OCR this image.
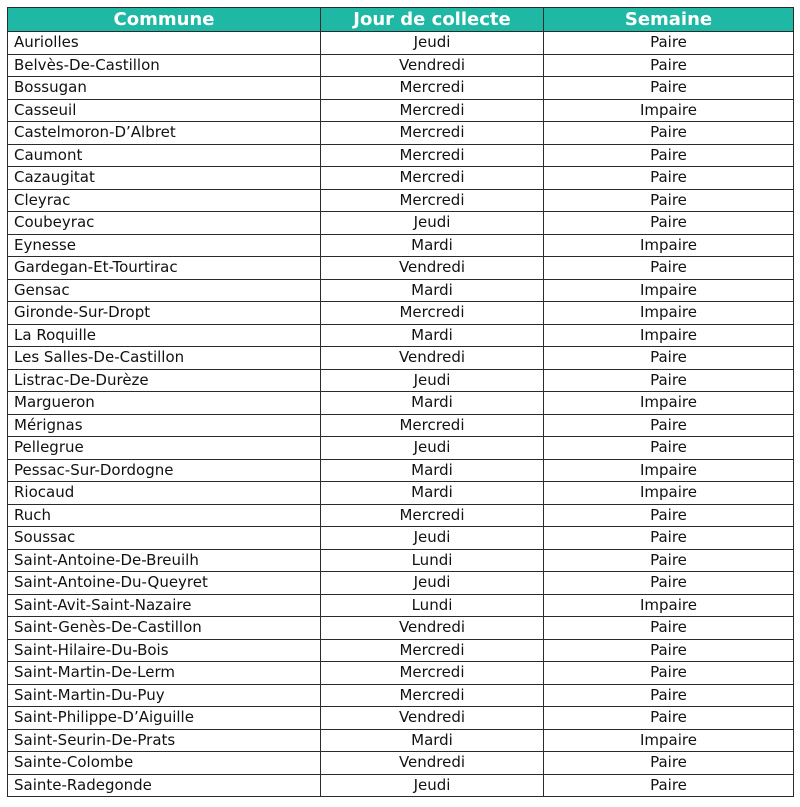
Commune	Jour de collecte	Semaine
Auriolles	Jeudi	Paire
Belvès-De-Castillon	Vendredi	Paire
Bossugan	Mercredi	Paire
Casseuil	Mercredi	Impaire
Castelmoron-D’Albret	Mercredi	Paire
Caumont	Mercredi	Paire
Cazaugitat	Mercredi	Paire
Cleyrac	Mercredi	Paire
Coubeyrac	Jeudi	Paire
Eynesse	Mardi	Impaire
Gardegan-Et-Tourtirac	Vendredi	Paire
Gensac	Mardi	Impaire
Gironde-Sur-Dropt	Mercredi	Impaire
La Roquille	Mardi	Impaire
Les Salles-De-Castillon	Vendredi	Paire
Listrac-De-Durèze	Jeudi	Paire
Margueron	Mardi	Impaire
Mérignas	Mercredi	Paire
Pellegrue	Jeudi	Paire
Pessac-Sur-Dordogne	Mardi	Impaire
Riocaud	Mardi	Impaire
Ruch	Mercredi	Paire
Soussac	Jeudi	Paire
Saint-Antoine-De-Breuilh	Lundi	Paire
Saint-Antoine-Du-Queyret	Jeudi	Paire
Saint-Avit-Saint-Nazaire	Lundi	Impaire
Saint-Genès-De-Castillon	Vendredi	Paire
Saint-Hilaire-Du-Bois	Mercredi	Paire
Saint-Martin-De-Lerm	Mercredi	Paire
Saint-Martin-Du-Puy	Mercredi	Paire
Saint-Philippe-D’Aiguille	Vendredi	Paire
Saint-Seurin-De-Prats	Mardi	Impaire
Sainte-Colombe	Vendredi	Paire
Sainte-Radegonde	Jeudi	Paire
